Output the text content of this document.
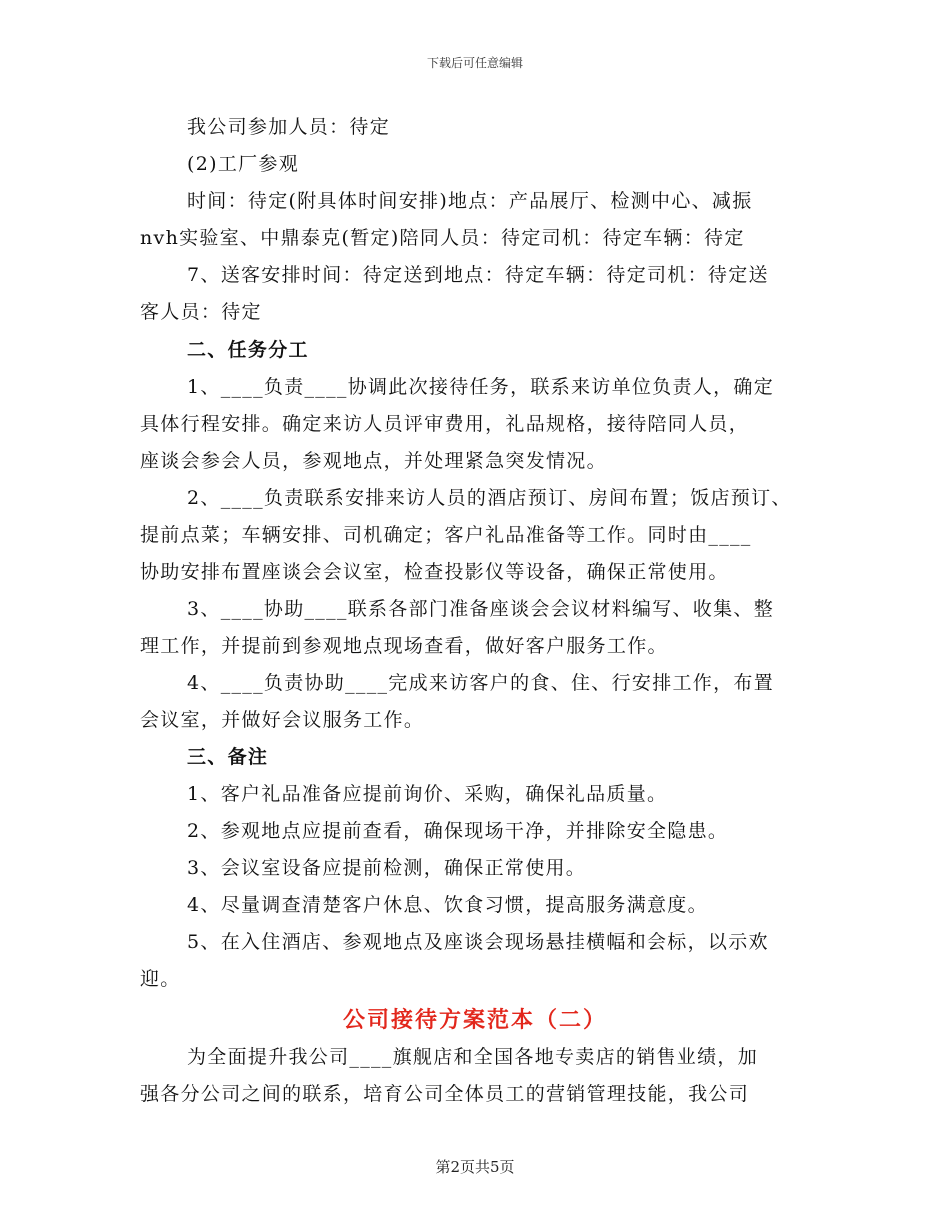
下载后可任意编辑
我公司参加人员：待定
(2)工厂参观
时间：待定(附具体时间安排)地点：产品展厅、检测中心、减振
nvh实验室、中鼎泰克(暂定)陪同人员：待定司机：待定车辆：待定
7、送客安排时间：待定送到地点：待定车辆：待定司机：待定送
客人员：待定
二、任务分工
1、____负责____协调此次接待任务，联系来访单位负责人，确定
具体行程安排。确定来访人员评审费用，礼品规格，接待陪同人员，
座谈会参会人员，参观地点，并处理紧急突发情况。
2、____负责联系安排来访人员的酒店预订、房间布置；饭店预订、
提前点菜；车辆安排、司机确定；客户礼品准备等工作。同时由____
协助安排布置座谈会会议室，检查投影仪等设备，确保正常使用。
3、____协助____联系各部门准备座谈会会议材料编写、收集、整
理工作，并提前到参观地点现场查看，做好客户服务工作。
4、____负责协助____完成来访客户的食、住、行安排工作，布置
会议室，并做好会议服务工作。
三、备注
1、客户礼品准备应提前询价、采购，确保礼品质量。
2、参观地点应提前查看，确保现场干净，并排除安全隐患。
3、会议室设备应提前检测，确保正常使用。
4、尽量调查清楚客户休息、饮食习惯，提高服务满意度。
5、在入住酒店、参观地点及座谈会现场悬挂横幅和会标，以示欢
迎。
公司接待方案范本（二）
为全面提升我公司____旗舰店和全国各地专卖店的销售业绩，加
强各分公司之间的联系，培育公司全体员工的营销管理技能，我公司
第2页共5页
